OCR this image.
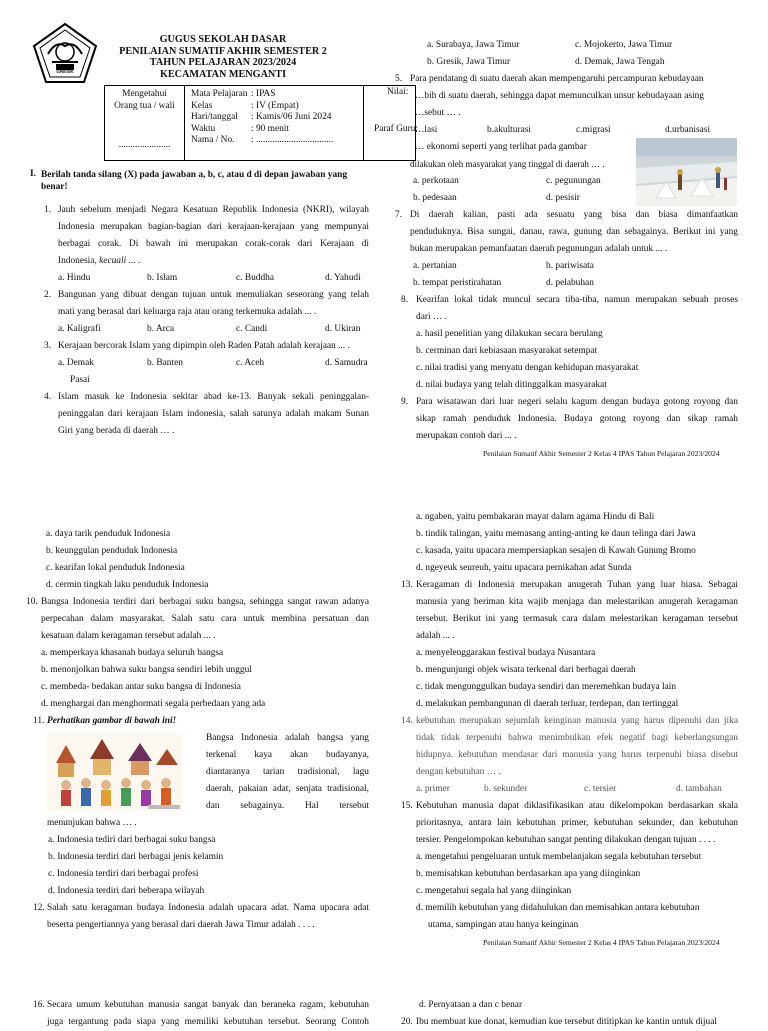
GRESIK
GUGUS SEKOLAH DASAR
PENILAIAN SUMATIF AKHIR SEMESTER 2
TAHUN PELAJARAN 2023/2024
KECAMATAN MENGANTI
Mengetahui
Orang tua / wali
......................
Mata Pelajaran : IPAS
Kelas	: IV (Empat)
Hari/tanggal	: Kamis/06 Juni 2024
Waktu	: 90 menit
Nama / No.	: .................................
Nilai:
Paraf Guru:
I. Berilah tanda silang (X) pada jawaban a, b, c, atau d di depan jawaban yang
benar!
1. Jauh sebelum menjadi Negara Kesatuan Republik Indonesia (NKRI), wilayah
Indonesia merupakan bagian-bagian dari kerajaan-kerajaan yang mempunyai
berbagai corak. Di bawah ini merupakan corak-corak dari Kerajaan di
Indonesia, kecuali ... .
a. Hindu	b. Islam	c. Buddha	d. Yahudi
2. Bangunan yang dibuat dengan tujuan untuk memuliakan seseorang yang telah
mati yang berasal dari keluarga raja atau orang terkemuka adalah ... .
a. Kaligrafi	b. Arca	c. Candi	d. Ukiran
3. Kerajaan bercorak Islam yang dipimpin oleh Raden Patah adalah kerajaan ... .
a. Demak	b. Banten	c. Aceh	d. Samudra
Pasai
4. Islam masuk ke Indonesia sekitar abad ke-13. Banyak sekali peninggalan-
peninggalan dari kerajaan Islam indonesia, salah satunya adalah makam Sunan
Giri yang berada di daerah … .
a. Surabaya, Jawa Timur	c. Mojokerto, Jawa Timur
b. Gresik, Jawa Timur	d. Demak, Jawa Tengah
5. Para pendatang di suatu daerah akan mempengaruhi percampuran kebudayaan
…bih di suatu daerah, sehingga dapat memunculkan unsur kebudayaan asing
…sebut … .
…lasi	b.akulturasi	c.migrasi	d.urbanisasi
… ekonomi seperti yang terlihat pada gambar
dilakukan oleh masyarakat yang tinggal di daerah … .
a. perkotaan	c. pegunungan
b. pedesaan	d. pesisir
7. Di daerah kalian, pasti ada sesuatu yang bisa dan biasa dimanfaatkan
penduduknya. Bisa sungai, danau, rawa, gunung dan sebagainya. Berikut ini yang
bukan merupakan pemanfaatan daerah pegunungan adalah untuk ... .
a. pertanian	b. pariwisata
b. tempat peristirahatan	d. pelabuhan
8. Kearifan lokal tidak muncul secara tiba-tiba, namun merupakan sebuah proses
dari … .
a. hasil penelitian yang dilakukan secara berulang
b. cerminan dari kebiasaan masyarakat setempat
c. nilai tradisi yang menyatu dengan kehidupan masyarakat
d. nilai budaya yang telah ditinggalkan masyarakat
9. Para wisatawan dari luar negeri selalu kagum dengan budaya gotong royong dan
sikap ramah penduduk Indonesia. Budaya gotong royong dan sikap ramah
merupakan contoh dari ... .
Penilaian Sumatif Akhir Semester 2 Kelas 4 IPAS Tahun Pelajaran 2023/2024
a. daya tarik penduduk Indonesia
b. keunggulan penduduk Indonesia
c. kearifan lokal penduduk Indonesia
d. cermin tingkah laku penduduk Indonesia
10. Bangsa Indonesia terdiri dari berbagai suku bangsa, sehingga sangat rawan adanya
perpecahan dalam masyarakat. Salah satu cara untuk membina persatuan dan
kesatuan dalam keragaman tersebut adalah ... .
a. memperkaya khasanah budaya seluruh bangsa
b. menonjolkan bahwa suku bangsa sendiri lebih unggul
c. membeda- bedakan antar suku bangsa di Indonesia
d. menghargai dan menghormati segala perbedaan yang ada
11. Perhatikan gambar di bawah ini!
Bangsa Indonesia adalah bangsa yang
terkenal kaya akan budayanya,
diantaranya tarian tradisional, lagu
daerah, pakaian adat, senjata tradisional,
dan sebagainya. Hal tersebut
menunjukan bahwa … .
a. Indonesia tediri dari berbagai suku bangsa
b. Indonesia terdiri dari berbagai jenis kelamin
c. Indonesia terdiri dari berbagai profesi
d. Indonesia terdiri dari beberapa wilayah
12. Salah satu keragaman budaya Indonesia adalah upacara adat. Nama upacara adat
beserta pengertiannya yang berasal dari daerah Jawa Timur adalah . . . .
a. ngaben, yaitu pembakaran mayat dalam agama Hindu di Bali
b. tindik talingan, yaitu memasang anting-anting ke daun telinga dari Jawa
c. kasada, yaitu upacara mempersiapkan sesajen di Kawah Gunung Bromo
d. ngeyeuk seureuh, yaitu upacara pernikahan adat Sunda
13. Keragaman di Indonesia merupakan anugerah Tuhan yang luar biasa. Sebagai
manusia yang beriman kita wajib menjaga dan melestarikan anugerah keragaman
tersebut. Berikut ini yang termasuk cara dalam melestarikan keragaman tersebut
adalah ... .
a. menyelenggarakan festival budaya Nusantara
b. mengunjungi objek wisata terkenal dari berbagai daerah
c. tidak mengunggulkan budaya sendiri dan meremehkan budaya lain
d. melakukan pembangunan di daerah terluar, terdepan, dan tertinggal
14. kebutuhan merupakan sejumlah keinginan manusia yang harus dipenuhi dan jika
tidak tidak terpenuhi bahwa menimbulkan efek negatif bagi keberlangsungan
hidupnya. kebutuhan mendasar dari manusia yang harus terpenuhi biasa disebut
dengan kebutuhan … .
a. primer	b. sekunder	c. tersier	d. tambahan
15. Kebutuhan manusia dapat diklasifikasikan atau dikelompokan berdasarkan skala
prioritasnya, antara lain kebutuhan primer, kebutuhan sekunder, dan kebutuhan
tersier. Pengelompokan kebutuhan sangat penting dilakukan dengan tujuan . . . .
a. mengetahui pengeluaran untuk membelanjakan segala kebutuhan tersebut
b. memisahkan kebutuhan berdasarkan apa yang diinginkan
c. mengetahui segala hal yang diinginkan
d. memilih kebutuhan yang didahulukan dan memisahkan antara kebutuhan
utama, sampingan atau hanya keinginan
Penilaian Sumatif Akhir Semester 2 Kelas 4 IPAS Tahun Pelajaran 2023/2024
16. Secara umum kebutuhan manusia sangat banyak dan beraneka ragam, kebutuhan
juga tergantung pada siapa yang memiliki kebutuhan tersebut. Seorang Contoh
d. Pernyataan a dan c benar
20. Ibu membuat kue donat, kemudian kue tersebut dititipkan ke kantin untuk dijual
